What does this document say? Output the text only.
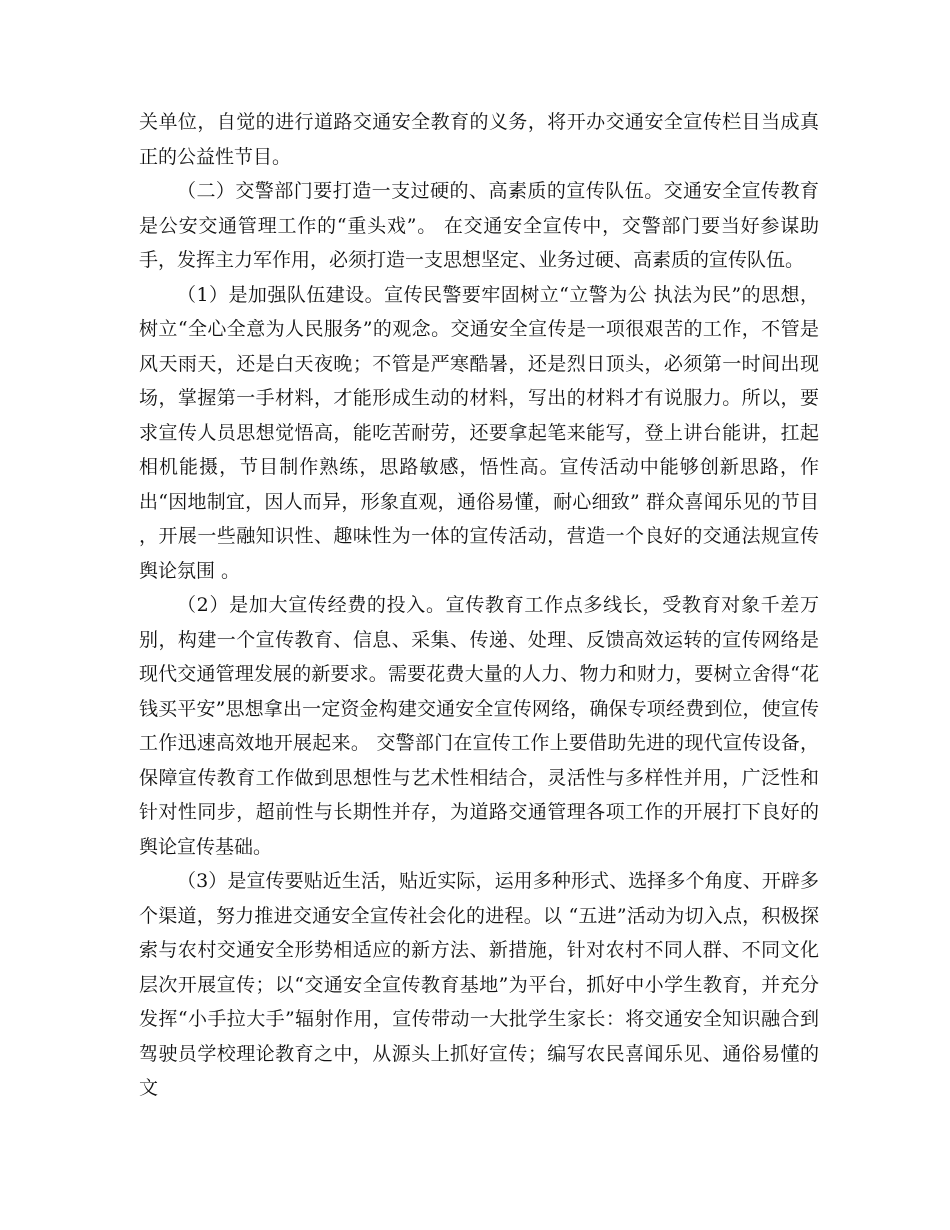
关单位，自觉的进行道路交通安全教育的义务，将开办交通安全宣传栏目当成真正的公益性节目。

（二）交警部门要打造一支过硬的、高素质的宣传队伍。交通安全宣传教育是公安交通管理工作的“重头戏”。 在交通安全宣传中，交警部门要当好参谋助手，发挥主力军作用，必须打造一支思想坚定、业务过硬、高素质的宣传队伍。

（1）是加强队伍建设。宣传民警要牢固树立“立警为公 执法为民”的思想，树立“全心全意为人民服务”的观念。交通安全宣传是一项很艰苦的工作，不管是风天雨天，还是白天夜晚；不管是严寒酷暑，还是烈日顶头，必须第一时间出现场，掌握第一手材料，才能形成生动的材料，写出的材料才有说服力。所以，要求宣传人员思想觉悟高，能吃苦耐劳，还要拿起笔来能写，登上讲台能讲，扛起相机能摄，节目制作熟练，思路敏感，悟性高。宣传活动中能够创新思路，作出“因地制宜，因人而异，形象直观，通俗易懂，耐心细致” 群众喜闻乐见的节目 ，开展一些融知识性、趣味性为一体的宣传活动，营造一个良好的交通法规宣传舆论氛围 。

（2）是加大宣传经费的投入。宣传教育工作点多线长，受教育对象千差万别，构建一个宣传教育、信息、采集、传递、处理、反馈高效运转的宣传网络是现代交通管理发展的新要求。需要花费大量的人力、物力和财力，要树立舍得“花钱买平安”思想拿出一定资金构建交通安全宣传网络，确保专项经费到位，使宣传工作迅速高效地开展起来。 交警部门在宣传工作上要借助先进的现代宣传设备，保障宣传教育工作做到思想性与艺术性相结合，灵活性与多样性并用，广泛性和针对性同步，超前性与长期性并存，为道路交通管理各项工作的开展打下良好的舆论宣传基础。

（3）是宣传要贴近生活，贴近实际，运用多种形式、选择多个角度、开辟多个渠道，努力推进交通安全宣传社会化的进程。以 “五进”活动为切入点，积极探索与农村交通安全形势相适应的新方法、新措施，针对农村不同人群、不同文化层次开展宣传；以“交通安全宣传教育基地”为平台，抓好中小学生教育，并充分发挥“小手拉大手”辐射作用，宣传带动一大批学生家长：将交通安全知识融合到驾驶员学校理论教育之中，从源头上抓好宣传；编写农民喜闻乐见、通俗易懂的文
